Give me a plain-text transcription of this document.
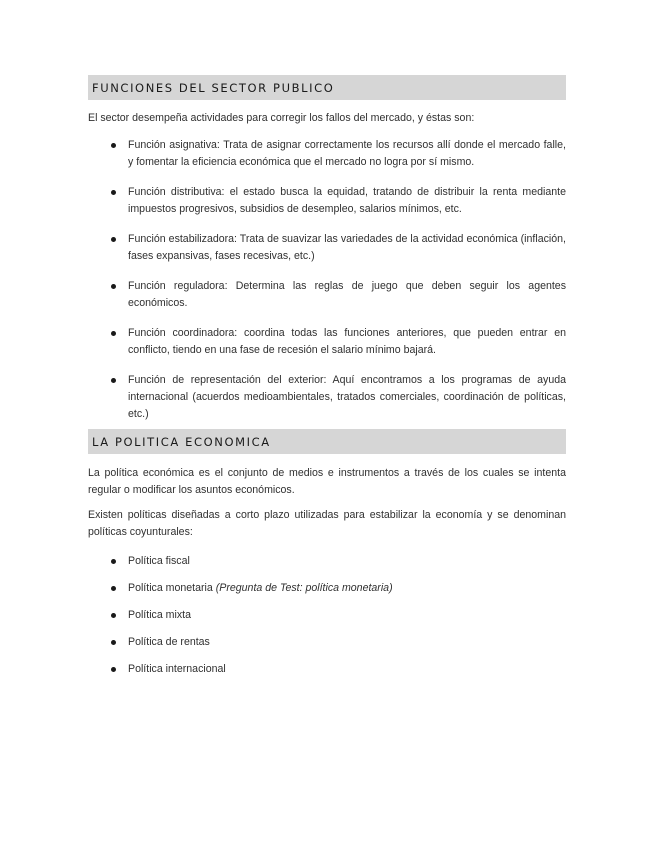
FUNCIONES DEL SECTOR PUBLICO

El sector desempeña actividades para corregir los fallos del mercado, y éstas son:

Función asignativa: Trata de asignar correctamente los recursos allí donde el mercado falle, y fomentar la eficiencia económica que el mercado no logra por sí mismo.
Función distributiva: el estado busca la equidad, tratando de distribuir la renta mediante impuestos progresivos, subsidios de desempleo, salarios mínimos, etc.
Función estabilizadora: Trata de suavizar las variedades de la actividad económica (inflación, fases expansivas, fases recesivas, etc.)
Función reguladora: Determina las reglas de juego que deben seguir los agentes económicos.
Función coordinadora: coordina todas las funciones anteriores, que pueden entrar en conflicto, tiendo en una fase de recesión el salario mínimo bajará.
Función de representación del exterior: Aquí encontramos a los programas de ayuda internacional (acuerdos medioambientales, tratados comerciales, coordinación de políticas, etc.)
LA POLITICA ECONOMICA

La política económica es el conjunto de medios e instrumentos a través de los cuales se intenta regular o modificar los asuntos económicos.

Existen políticas diseñadas a corto plazo utilizadas para estabilizar la economía y se denominan políticas coyunturales:

Política fiscal
Política monetaria (Pregunta de Test: política monetaria)
Política mixta
Política de rentas
Política internacional
